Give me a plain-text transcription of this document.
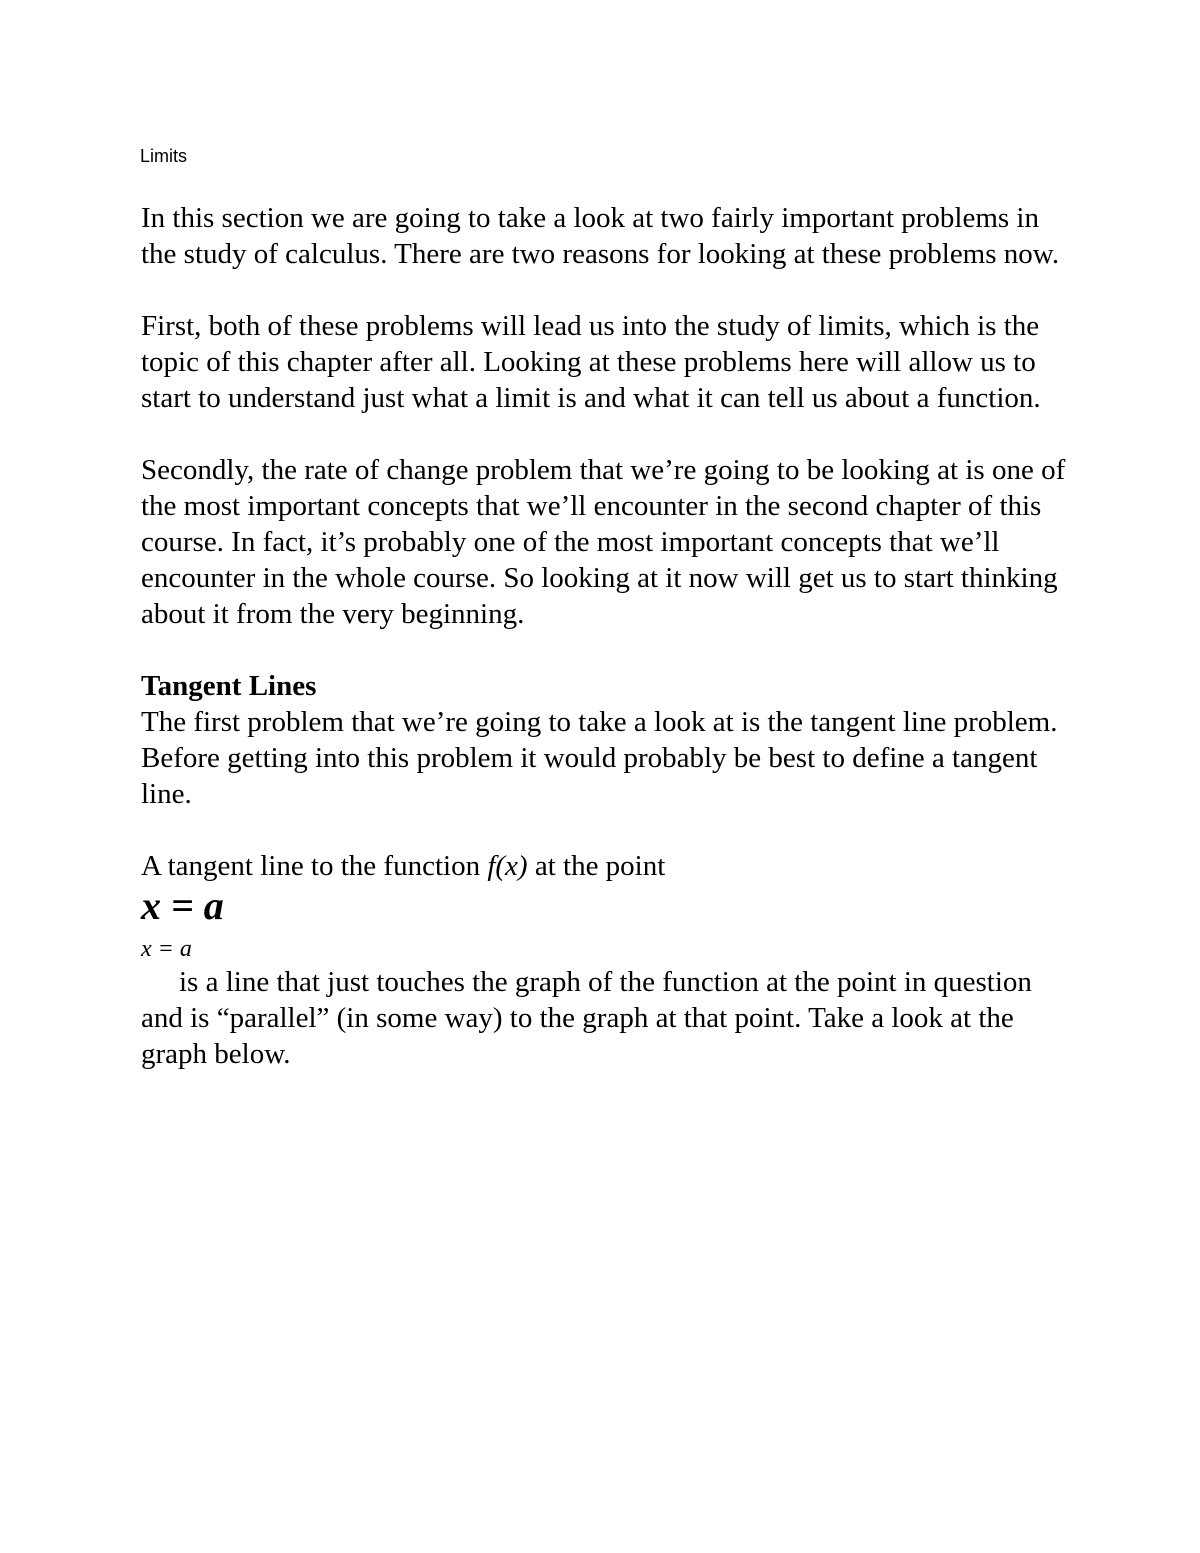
Limits

In this section we are going to take a look at two fairly important problems in the study of calculus. There are two reasons for looking at these problems now.

First, both of these problems will lead us into the study of limits, which is the topic of this chapter after all. Looking at these problems here will allow us to start to understand just what a limit is and what it can tell us about a function.

Secondly, the rate of change problem that we’re going to be looking at is one of the most important concepts that we’ll encounter in the second chapter of this course. In fact, it’s probably one of the most important concepts that we’ll encounter in the whole course. So looking at it now will get us to start thinking about it from the very beginning.

Tangent Lines

The first problem that we’re going to take a look at is the tangent line problem. Before getting into this problem it would probably be best to define a tangent line.

A tangent line to the function f(x) at the point

x = a
x = a

is a line that just touches the graph of the function at the point in question and is “parallel” (in some way) to the graph at that point. Take a look at the graph below.
